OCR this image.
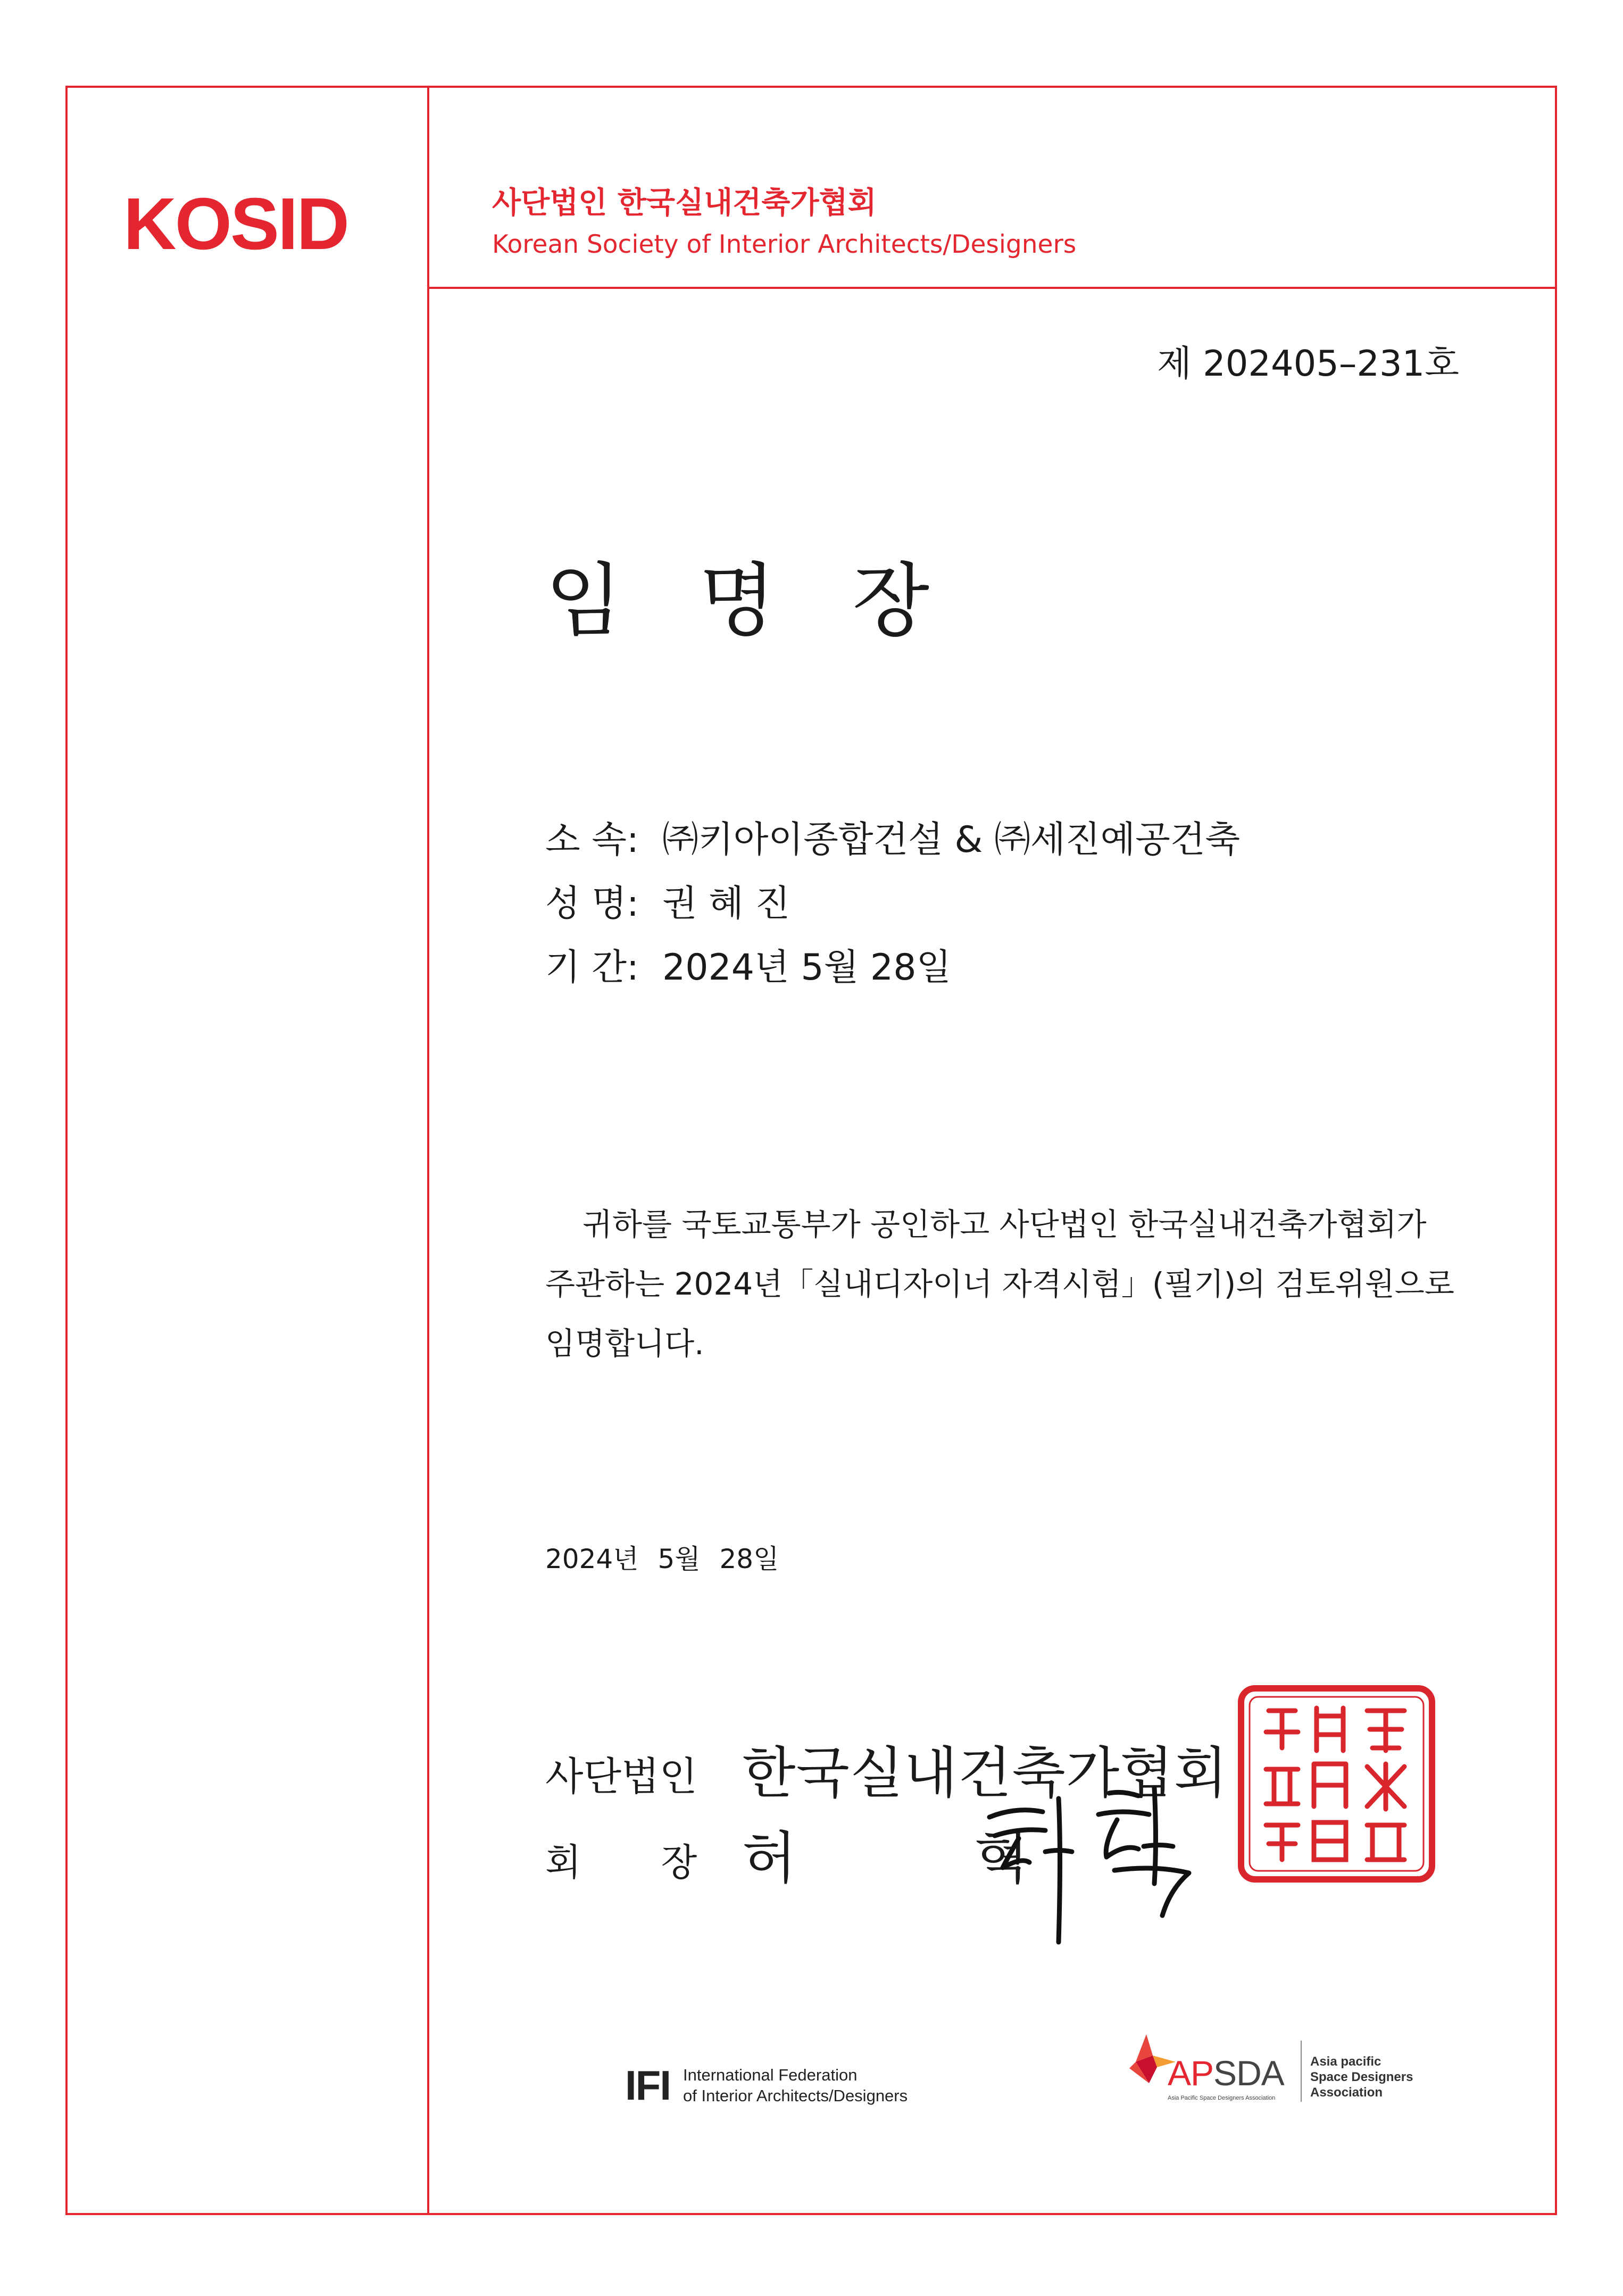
KOSID	사단법인 한국실내건축가협회
Korean Society of Interior Architects/Designers
제 202405–231호
임 명 장
소 속: ㈜키아이종합건설 & ㈜세진예공건축
성 명: 권 혜 진
기 간: 2024년 5월 28일

귀하를 국토교통부가 공인하고 사단법인 한국실내건축가협회가

주관하는 2024년「실내디자이너 자격시험」(필기)의 검토위원으로

임명합니다.

2024년 5월 28일
사단법인 한국실내건축가협회
회 장 허 혁
IFI International Federation
of Interior Architects/Designers
APSDA
Asia Pacific Space Designers Association
Asia pacific
Space Designers
Association
